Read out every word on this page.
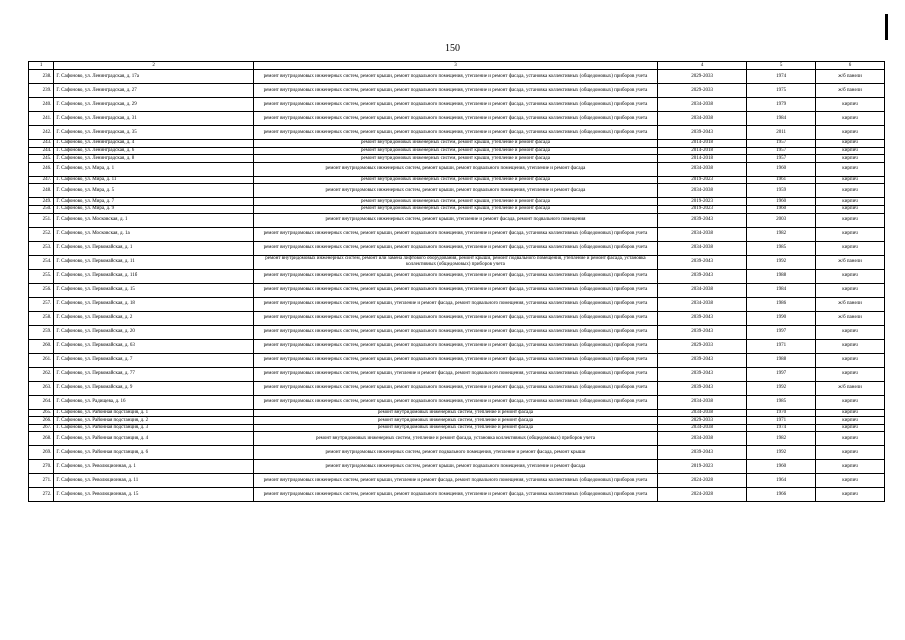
150
1	2	3	4	5	6
238.	Г. Сафоново, ул. Ленинградская, д. 17а	ремонт внутридомовых инженерных систем, ремонт крыши, ремонт подвального помещения, утепление и ремонт фасада, установка коллективных (общедомовых) приборов учета	2029-2033	1974	ж/б панели
239.	Г. Сафоново, ул. Ленинградская, д. 27	ремонт внутридомовых инженерных систем, ремонт крыши, ремонт подвального помещения, утепление и ремонт фасада, установка коллективных (общедомовых) приборов учета	2029-2033	1975	ж/б панели
240.	Г. Сафоново, ул. Ленинградская, д. 29	ремонт внутридомовых инженерных систем, ремонт крыши, ремонт подвального помещения, утепление и ремонт фасада, установка коллективных (общедомовых) приборов учета	2034-2038	1979	кирпич
241.	Г. Сафоново, ул. Ленинградская, д. 31	ремонт внутридомовых инженерных систем, ремонт крыши, ремонт подвального помещения, утепление и ремонт фасада, установка коллективных (общедомовых) приборов учета	2034-2038	1984	кирпич
242.	Г. Сафоново, ул. Ленинградская, д. 35	ремонт внутридомовых инженерных систем, ремонт крыши, ремонт подвального помещения, утепление и ремонт фасада, установка коллективных (общедомовых) приборов учета	2039-2043	2011	кирпич
243.	Г. Сафоново, ул. Ленинградская, д. 4	ремонт внутридомовых инженерных систем, ремонт крыши, утепление и ремонт фасада	2014-2018	1957	кирпич
244.	Г. Сафоново, ул. Ленинградская, д. 6	ремонт внутридомовых инженерных систем, ремонт крыши, утепление и ремонт фасада	2014-2018	1957	кирпич
245.	Г. Сафоново, ул. Ленинградская, д. 8	ремонт внутридомовых инженерных систем, ремонт крыши, утепление и ремонт фасада	2014-2018	1957	кирпич
246.	Г. Сафоново, ул. Мира, д. 1	ремонт внутридомовых инженерных систем, ремонт крыши, ремонт подвального помещения, утепление и ремонт фасада	2034-2038	1960	кирпич
247.	Г. Сафоново, ул. Мира, д. 11	ремонт внутридомовых инженерных систем, ремонт крыши, утепление и ремонт фасада	2019-2023	1961	кирпич
248.	Г. Сафоново, ул. Мира, д. 5	ремонт внутридомовых инженерных систем, ремонт крыши, ремонт подвального помещения, утепление и ремонт фасада	2034-2038	1959	кирпич
249.	Г. Сафоново, ул. Мира, д. 7	ремонт внутридомовых инженерных систем, ремонт крыши, утепление и ремонт фасада	2019-2023	1960	кирпич
250.	Г. Сафоново, ул. Мира, д. 9	ремонт внутридомовых инженерных систем, ремонт крыши, утепление и ремонт фасада	2019-2023	1960	кирпич
251.	Г. Сафоново, ул. Московская, д. 1	ремонт внутридомовых инженерных систем, ремонт крыши, утепление и ремонт фасада, ремонт подвального помещения	2039-2043	2003	кирпич
252.	Г. Сафоново, ул. Московская, д. 1а	ремонт внутридомовых инженерных систем, ремонт крыши, ремонт подвального помещения, утепление и ремонт фасада, установка коллективных (общедомовых) приборов учета	2034-2038	1982	кирпич
253.	Г. Сафоново, ул. Первомайская, д. 1	ремонт внутридомовых инженерных систем, ремонт крыши, ремонт подвального помещения, утепление и ремонт фасада, установка коллективных (общедомовых) приборов учета	2034-2038	1985	кирпич
254.	Г. Сафоново, ул. Первомайская, д. 11	ремонт внутридомовых инженерных систем, ремонт или замена лифтового оборудования, ремонт крыши, ремонт подвального помещения, утепление и ремонт фасада, установка коллективных (общедомовых) приборов учета	2039-2043	1992	ж/б панели
255.	Г. Сафоново, ул. Первомайская, д. 11б	ремонт внутридомовых инженерных систем, ремонт крыши, ремонт подвального помещения, утепление и ремонт фасада, установка коллективных (общедомовых) приборов учета	2039-2043	1988	кирпич
256.	Г. Сафоново, ул. Первомайская, д. 15	ремонт внутридомовых инженерных систем, ремонт крыши, ремонт подвального помещения, утепление и ремонт фасада, установка коллективных (общедомовых) приборов учета	2034-2038	1984	кирпич
257.	Г. Сафоново, ул. Первомайская, д. 18	ремонт внутридомовых инженерных систем, ремонт крыши, утепление и ремонт фасада, ремонт подвального помещения, установка коллективных (общедомовых) приборов учета	2034-2038	1986	ж/б панели
258.	Г. Сафоново, ул. Первомайская, д. 2	ремонт внутридомовых инженерных систем, ремонт крыши, ремонт подвального помещения, утепление и ремонт фасада, установка коллективных (общедомовых) приборов учета	2039-2043	1990	ж/б панели
259.	Г. Сафоново, ул. Первомайская, д. 20	ремонт внутридомовых инженерных систем, ремонт крыши, ремонт подвального помещения, утепление и ремонт фасада, установка коллективных (общедомовых) приборов учета	2039-2043	1997	кирпич
260.	Г. Сафоново, ул. Первомайская, д. 63	ремонт внутридомовых инженерных систем, ремонт крыши, ремонт подвального помещения, утепление и ремонт фасада, установка коллективных (общедомовых) приборов учета	2029-2033	1971	кирпич
261.	Г. Сафоново, ул. Первомайская, д. 7	ремонт внутридомовых инженерных систем, ремонт крыши, ремонт подвального помещения, утепление и ремонт фасада, установка коллективных (общедомовых) приборов учета	2039-2043	1988	кирпич
262.	Г. Сафоново, ул. Первомайская, д. 77	ремонт внутридомовых инженерных систем, ремонт крыши, утепление и ремонт фасада, ремонт подвального помещения, установка коллективных (общедомовых) приборов учета	2039-2043	1997	кирпич
263.	Г. Сафоново, ул. Первомайская, д. 9	ремонт внутридомовых инженерных систем, ремонт крыши, ремонт подвального помещения, утепление и ремонт фасада, установка коллективных (общедомовых) приборов учета	2039-2043	1992	ж/б панели
264.	Г. Сафоново, ул. Радищева, д. 16	ремонт внутридомовых инженерных систем, ремонт крыши, ремонт подвального помещения, утепление и ремонт фасада, установка коллективных (общедомовых) приборов учета	2034-2038	1985	кирпич
265.	Г. Сафоново, ул. Районная подстанция, д. 1	ремонт внутридомовых инженерных систем, утепление и ремонт фасада	2034-2038	1970	кирпич
266.	Г. Сафоново, ул. Районная подстанция, д. 2	ремонт внутридомовых инженерных систем, утепление и ремонт фасада	2029-2033	1971	кирпич
267.	Г. Сафоново, ул. Районная подстанция, д. 3	ремонт внутридомовых инженерных систем, утепление и ремонт фасада	2034-2038	1974	кирпич
268.	Г. Сафоново, ул. Районная подстанция, д. 4	ремонт внутридомовых инженерных систем, утепление и ремонт фасада, установка коллективных (общедомовых) приборов учета	2034-2038	1982	кирпич
269.	Г. Сафоново, ул. Районная подстанция, д. 6	ремонт внутридомовых инженерных систем, ремонт подвального помещения, утепление и ремонт фасада, ремонт крыши	2039-2043	1992	кирпич
270.	Г. Сафоново, ул. Революционная, д. 1	ремонт внутридомовых инженерных систем, ремонт крыши, ремонт подвального помещения, утепление и ремонт фасада	2019-2023	1960	кирпич
271.	Г. Сафоново, ул. Революционная, д. 11	ремонт внутридомовых инженерных систем, ремонт крыши, утепление и ремонт фасада, ремонт подвального помещения, установка коллективных (общедомовых) приборов учета	2024-2028	1964	кирпич
272.	Г. Сафоново, ул. Революционная, д. 15	ремонт внутридомовых инженерных систем, ремонт крыши, ремонт подвального помещения, утепление и ремонт фасада, установка коллективных (общедомовых) приборов учета	2024-2028	1966	кирпич
